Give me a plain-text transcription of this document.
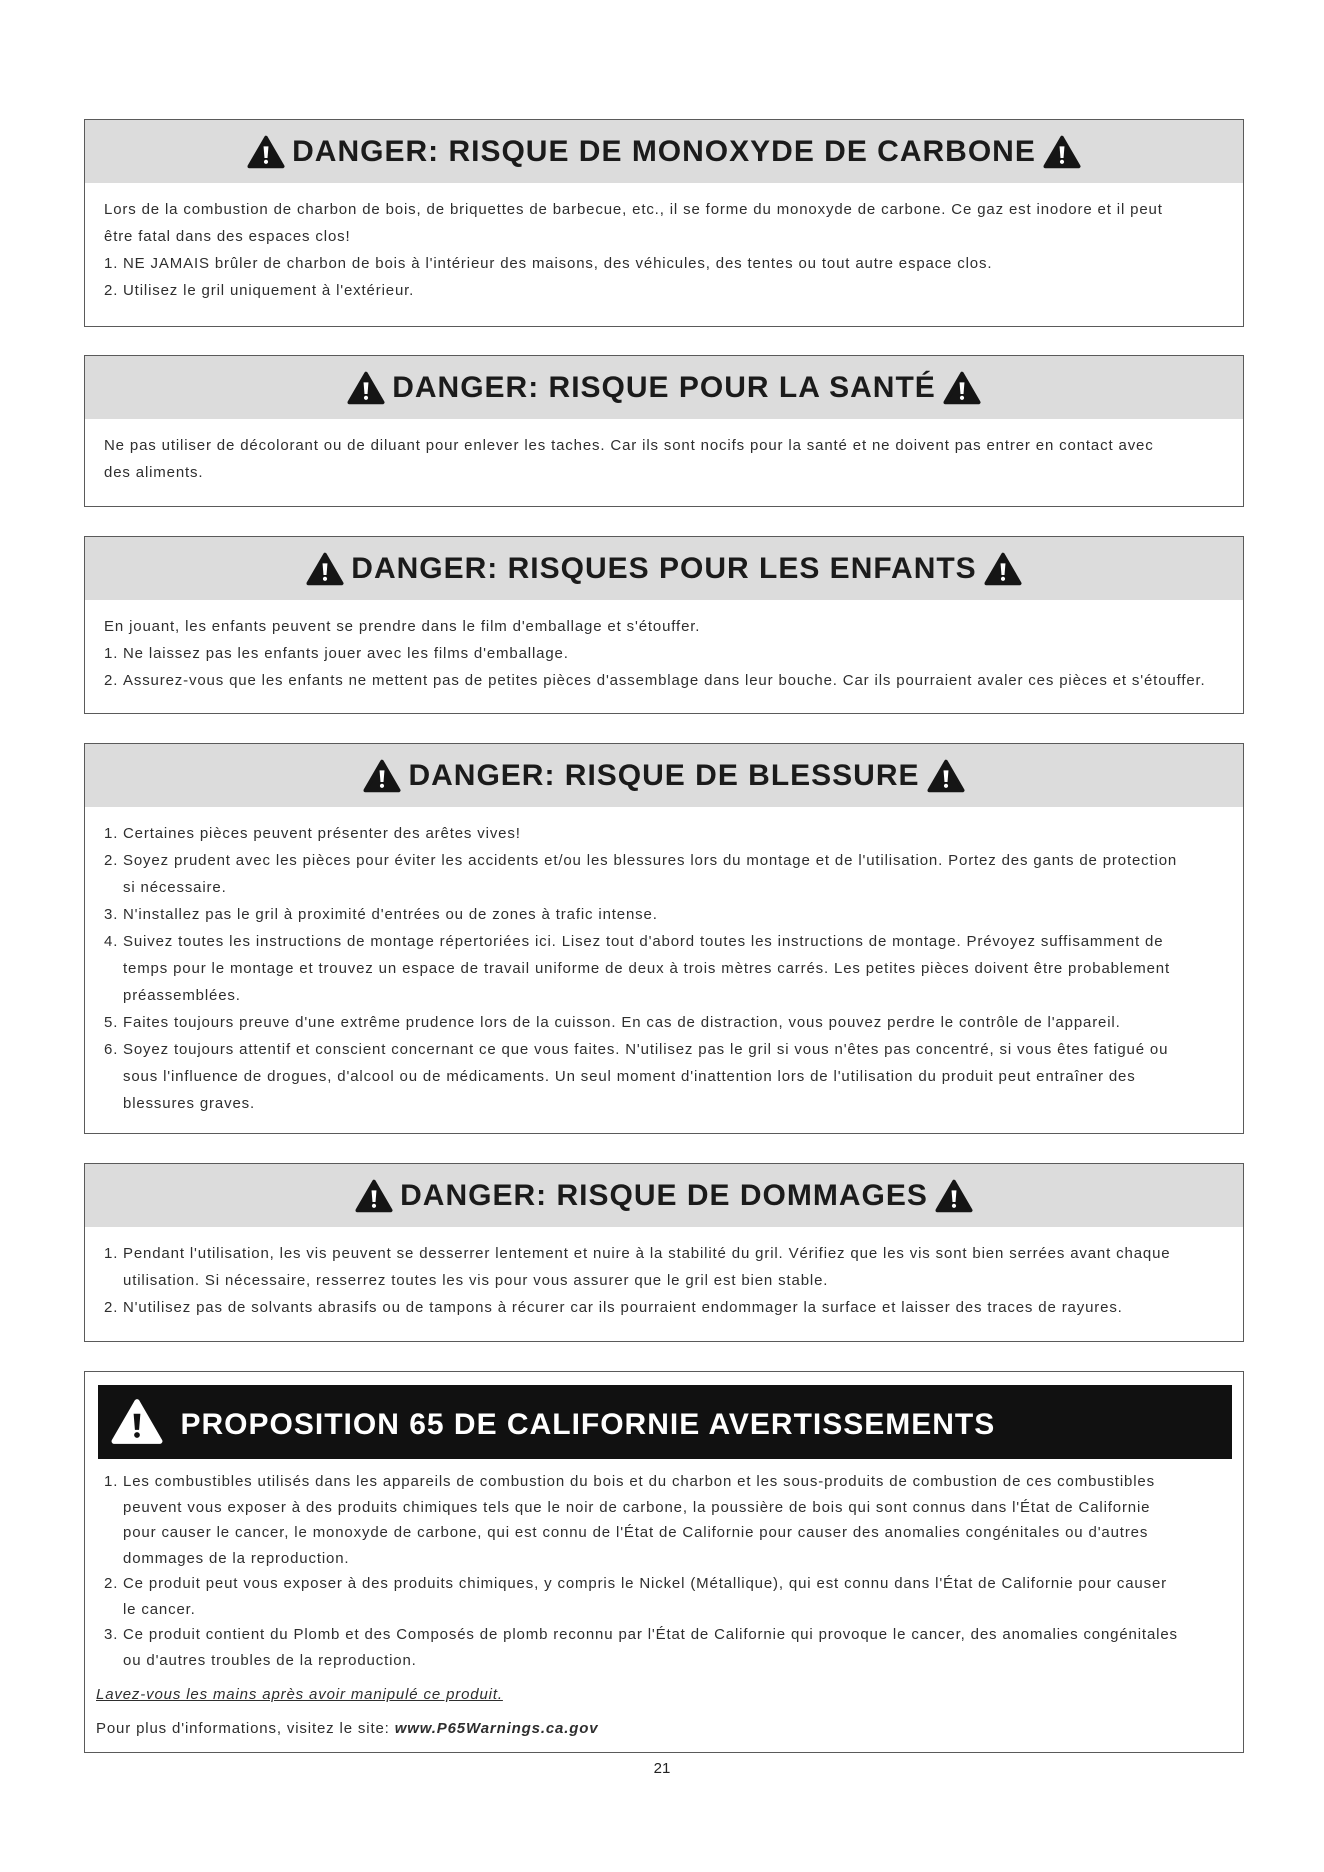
DANGER: RISQUE DE MONOXYDE DE CARBONE
Lors de la combustion de charbon de bois, de briquettes de barbecue, etc., il se forme du monoxyde de carbone. Ce gaz est inodore et il peut
être fatal dans des espaces clos!
1. NE JAMAIS brûler de charbon de bois à l'intérieur des maisons, des véhicules, des tentes ou tout autre espace clos.
2. Utilisez le gril uniquement à l'extérieur.
DANGER: RISQUE POUR LA SANTÉ
Ne pas utiliser de décolorant ou de diluant pour enlever les taches. Car ils sont nocifs pour la santé et ne doivent pas entrer en contact avec
des aliments.
DANGER: RISQUES POUR LES ENFANTS
En jouant, les enfants peuvent se prendre dans le film d'emballage et s'étouffer.
1. Ne laissez pas les enfants jouer avec les films d'emballage.
2. Assurez-vous que les enfants ne mettent pas de petites pièces d'assemblage dans leur bouche. Car ils pourraient avaler ces pièces et s'étouffer.
DANGER: RISQUE DE BLESSURE
1. Certaines pièces peuvent présenter des arêtes vives!
2. Soyez prudent avec les pièces pour éviter les accidents et/ou les blessures lors du montage et de l'utilisation. Portez des gants de protection
si nécessaire.
3. N'installez pas le gril à proximité d'entrées ou de zones à trafic intense.
4. Suivez toutes les instructions de montage répertoriées ici. Lisez tout d'abord toutes les instructions de montage. Prévoyez suffisamment de
temps pour le montage et trouvez un espace de travail uniforme de deux à trois mètres carrés. Les petites pièces doivent être probablement
préassemblées.
5. Faites toujours preuve d'une extrême prudence lors de la cuisson. En cas de distraction, vous pouvez perdre le contrôle de l'appareil.
6. Soyez toujours attentif et conscient concernant ce que vous faites. N'utilisez pas le gril si vous n'êtes pas concentré, si vous êtes fatigué ou
sous l'influence de drogues, d'alcool ou de médicaments. Un seul moment d'inattention lors de l'utilisation du produit peut entraîner des
blessures graves.
DANGER: RISQUE DE DOMMAGES
1. Pendant l'utilisation, les vis peuvent se desserrer lentement et nuire à la stabilité du gril. Vérifiez que les vis sont bien serrées avant chaque
utilisation. Si nécessaire, resserrez toutes les vis pour vous assurer que le gril est bien stable.
2. N'utilisez pas de solvants abrasifs ou de tampons à récurer car ils pourraient endommager la surface et laisser des traces de rayures.
PROPOSITION 65 DE CALIFORNIE AVERTISSEMENTS
1. Les combustibles utilisés dans les appareils de combustion du bois et du charbon et les sous-produits de combustion de ces combustibles
peuvent vous exposer à des produits chimiques tels que le noir de carbone, la poussière de bois qui sont connus dans l'État de Californie
pour causer le cancer, le monoxyde de carbone, qui est connu de l'État de Californie pour causer des anomalies congénitales ou d'autres
dommages de la reproduction.
2. Ce produit peut vous exposer à des produits chimiques, y compris le Nickel (Métallique), qui est connu dans l'État de Californie pour causer
le cancer.
3. Ce produit contient du Plomb et des Composés de plomb reconnu par l'État de Californie qui provoque le cancer, des anomalies congénitales
ou d'autres troubles de la reproduction.
Lavez-vous les mains après avoir manipulé ce produit.
Pour plus d'informations, visitez le site: www.P65Warnings.ca.gov
21
